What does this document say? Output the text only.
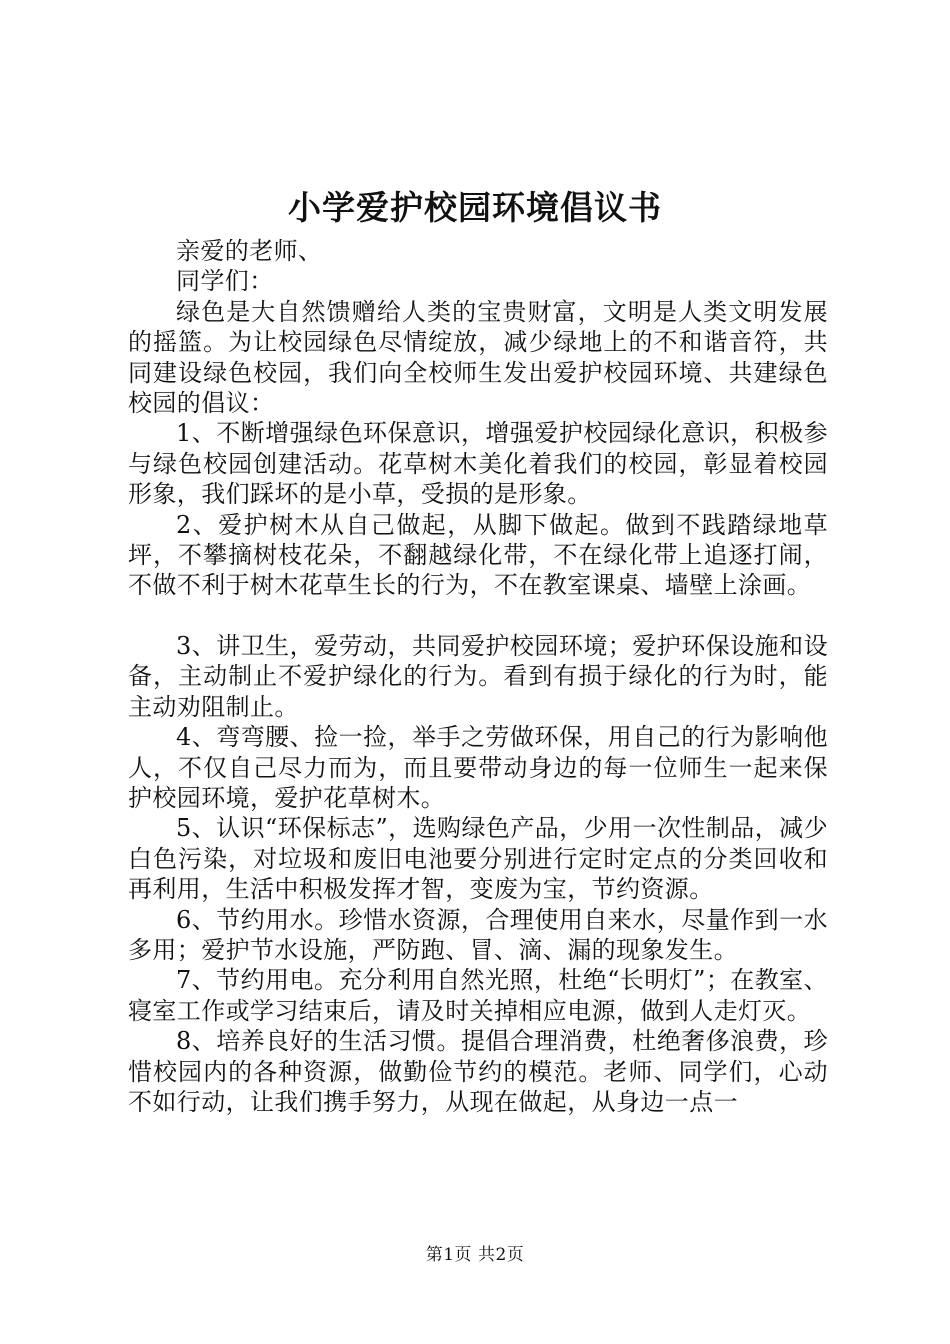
小学爱护校园环境倡议书

亲爱的老师、

同学们：

绿色是大自然馈赠给人类的宝贵财富，文明是人类文明发展的摇篮。为让校园绿色尽情绽放，减少绿地上的不和谐音符，共同建设绿色校园，我们向全校师生发出爱护校园环境、共建绿色校园的倡议：

1、不断增强绿色环保意识，增强爱护校园绿化意识，积极参与绿色校园创建活动。花草树木美化着我们的校园，彰显着校园形象，我们踩坏的是小草，受损的是形象。

2、爱护树木从自己做起，从脚下做起。做到不践踏绿地草坪，不攀摘树枝花朵，不翻越绿化带，不在绿化带上追逐打闹，不做不利于树木花草生长的行为，不在教室课桌、墙壁上涂画。

3、讲卫生，爱劳动，共同爱护校园环境；爱护环保设施和设备，主动制止不爱护绿化的行为。看到有损于绿化的行为时，能主动劝阻制止。

4、弯弯腰、捡一捡，举手之劳做环保，用自己的行为影响他人，不仅自己尽力而为，而且要带动身边的每一位师生一起来保护校园环境，爱护花草树木。

5、认识“环保标志”，选购绿色产品，少用一次性制品，减少白色污染，对垃圾和废旧电池要分别进行定时定点的分类回收和再利用，生活中积极发挥才智，变废为宝，节约资源。

6、节约用水。珍惜水资源，合理使用自来水，尽量作到一水多用；爱护节水设施，严防跑、冒、滴、漏的现象发生。

7、节约用电。充分利用自然光照，杜绝“长明灯”；在教室、寝室工作或学习结束后，请及时关掉相应电源，做到人走灯灭。

8、培养良好的生活习惯。提倡合理消费，杜绝奢侈浪费，珍惜校园内的各种资源，做勤俭节约的模范。老师、同学们，心动不如行动，让我们携手努力，从现在做起，从身边一点一

第1页 共2页
